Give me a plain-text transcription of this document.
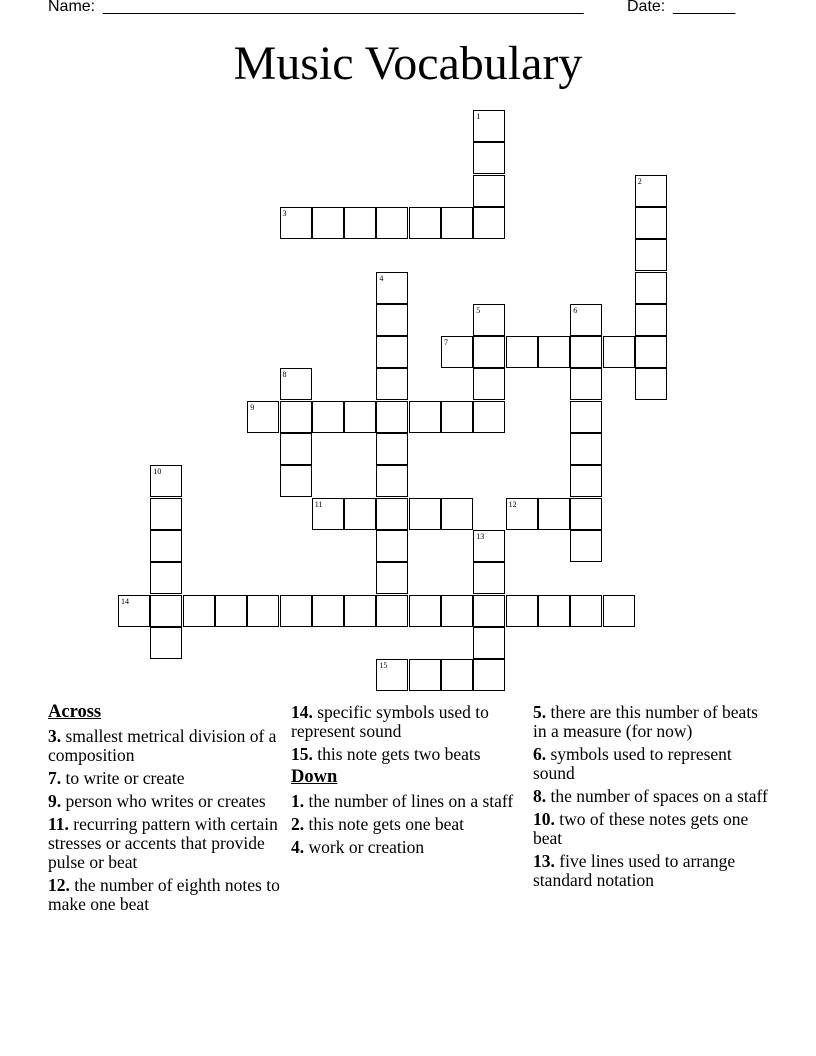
Name: ______________________________________________________	Date: _______
Music Vocabulary
1
2
3
4
5	6
7
8
9
10
11	12
13
14
15
Across
3. smallest metrical division of a composition
7. to write or create
9. person who writes or creates
11. recurring pattern with certain stresses or accents that provide pulse or beat
12. the number of eighth notes to make one beat
14. specific symbols used to represent sound
15. this note gets two beats
Down
1. the number of lines on a staff
2. this note gets one beat
4. work or creation
5. there are this number of beats in a measure (for now)
6. symbols used to represent sound
8. the number of spaces on a staff
10. two of these notes gets one beat
13. five lines used to arrange standard notation
